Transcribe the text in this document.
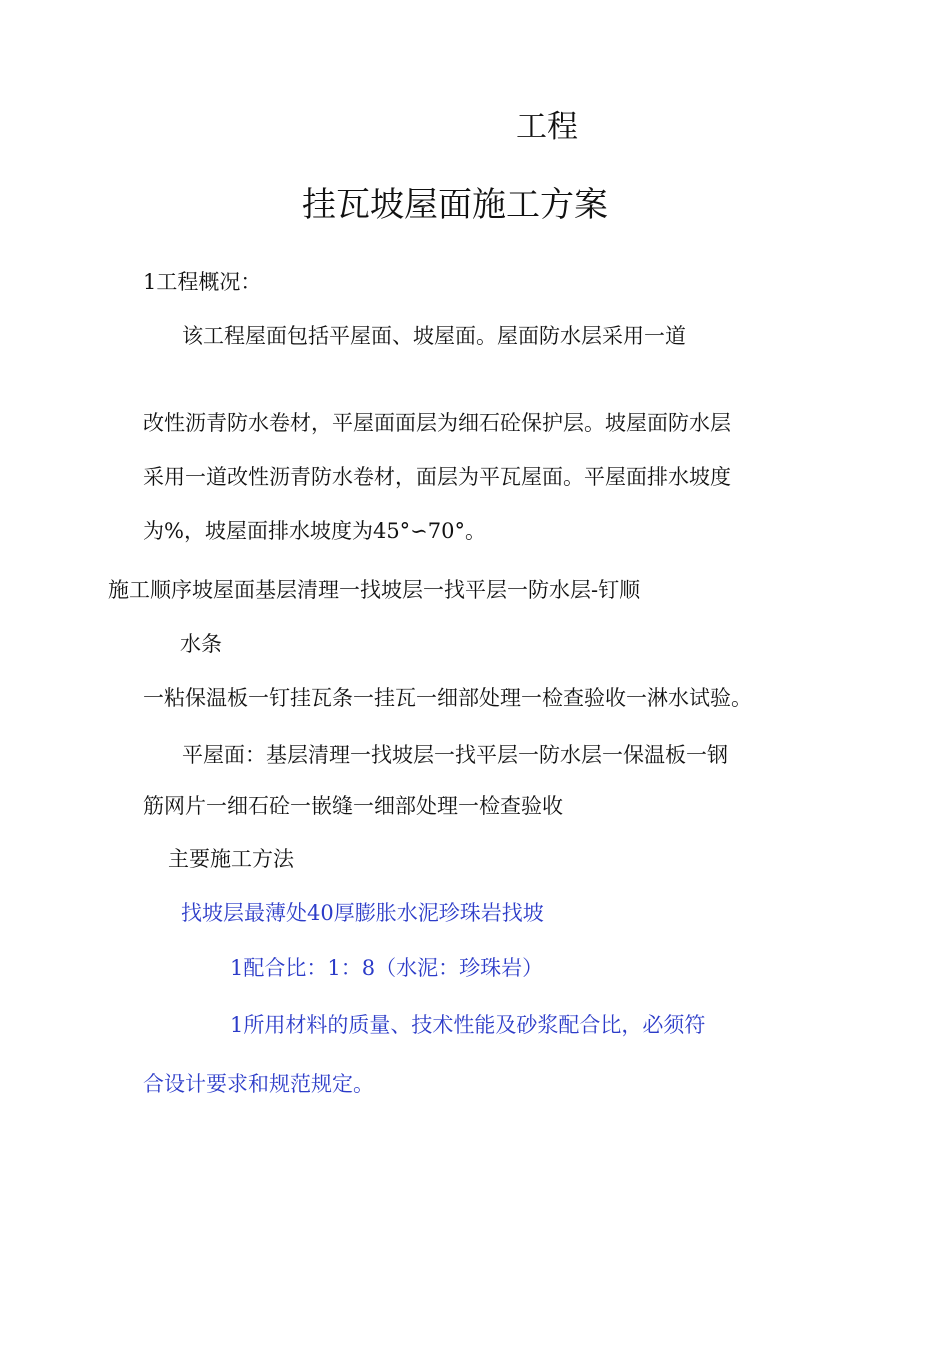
工程
挂瓦坡屋面施工方案
1工程概况：
该工程屋面包括平屋面、坡屋面。屋面防水层采用一道
改性沥青防水卷材，平屋面面层为细石砼保护层。坡屋面防水层
采用一道改性沥青防水卷材，面层为平瓦屋面。平屋面排水坡度
为%，坡屋面排水坡度为45°∽70°。
施工顺序坡屋面基层清理一找坡层一找平层一防水层-钉顺
水条
一粘保温板一钉挂瓦条一挂瓦一细部处理一检查验收一淋水试验。
平屋面：基层清理一找坡层一找平层一防水层一保温板一钢
筋网片一细石砼一嵌缝一细部处理一检查验收
主要施工方法
找坡层最薄处40厚膨胀水泥珍珠岩找坡
1配合比：1：8（水泥：珍珠岩）
1所用材料的质量、技术性能及砂浆配合比，必须符
合设计要求和规范规定。
